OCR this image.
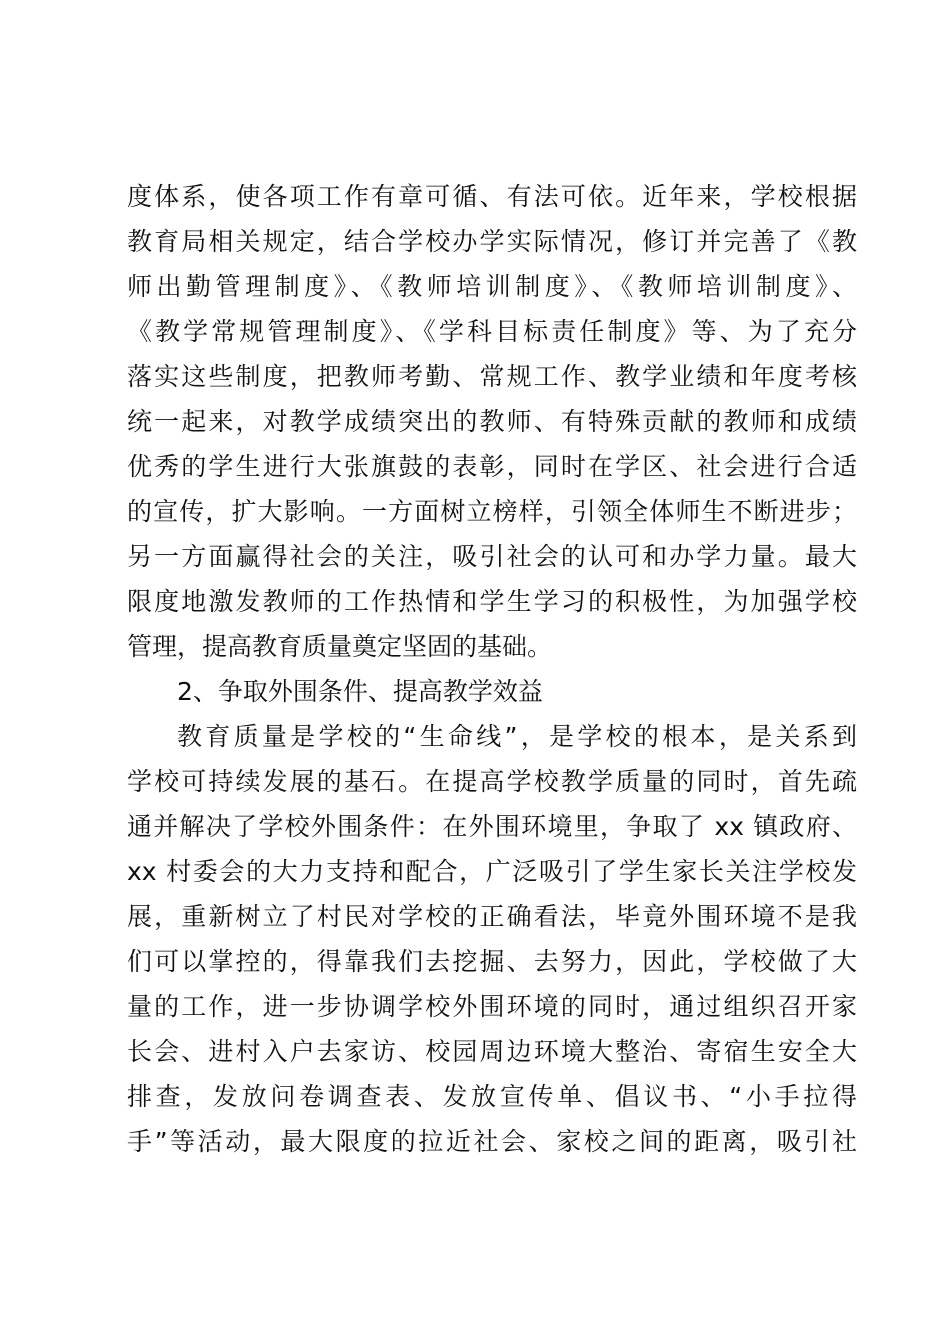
度体系，使各项工作有章可循、有法可依。近年来，学校根据
教育局相关规定，结合学校办学实际情况，修订并完善了《教
师出勤管理制度》、《教师培训制度》、《教师培训制度》、
《教学常规管理制度》、《学科目标责任制度》等、为了充分
落实这些制度，把教师考勤、常规工作、教学业绩和年度考核
统一起来，对教学成绩突出的教师、有特殊贡献的教师和成绩
优秀的学生进行大张旗鼓的表彰，同时在学区、社会进行合适
的宣传，扩大影响。一方面树立榜样，引领全体师生不断进步；
另一方面赢得社会的关注，吸引社会的认可和办学力量。最大
限度地激发教师的工作热情和学生学习的积极性，为加强学校
管理，提高教育质量奠定坚固的基础。
2、争取外围条件、提高教学效益
教育质量是学校的“生命线”，是学校的根本，是关系到
学校可持续发展的基石。在提高学校教学质量的同时，首先疏
通并解决了学校外围条件：在外围环境里，争取了 xx 镇政府、
xx 村委会的大力支持和配合，广泛吸引了学生家长关注学校发
展，重新树立了村民对学校的正确看法，毕竟外围环境不是我
们可以掌控的，得靠我们去挖掘、去努力，因此，学校做了大
量的工作，进一步协调学校外围环境的同时，通过组织召开家
长会、进村入户去家访、校园周边环境大整治、寄宿生安全大
排查，发放问卷调查表、发放宣传单、倡议书、“小手拉得
手”等活动，最大限度的拉近社会、家校之间的距离，吸引社
